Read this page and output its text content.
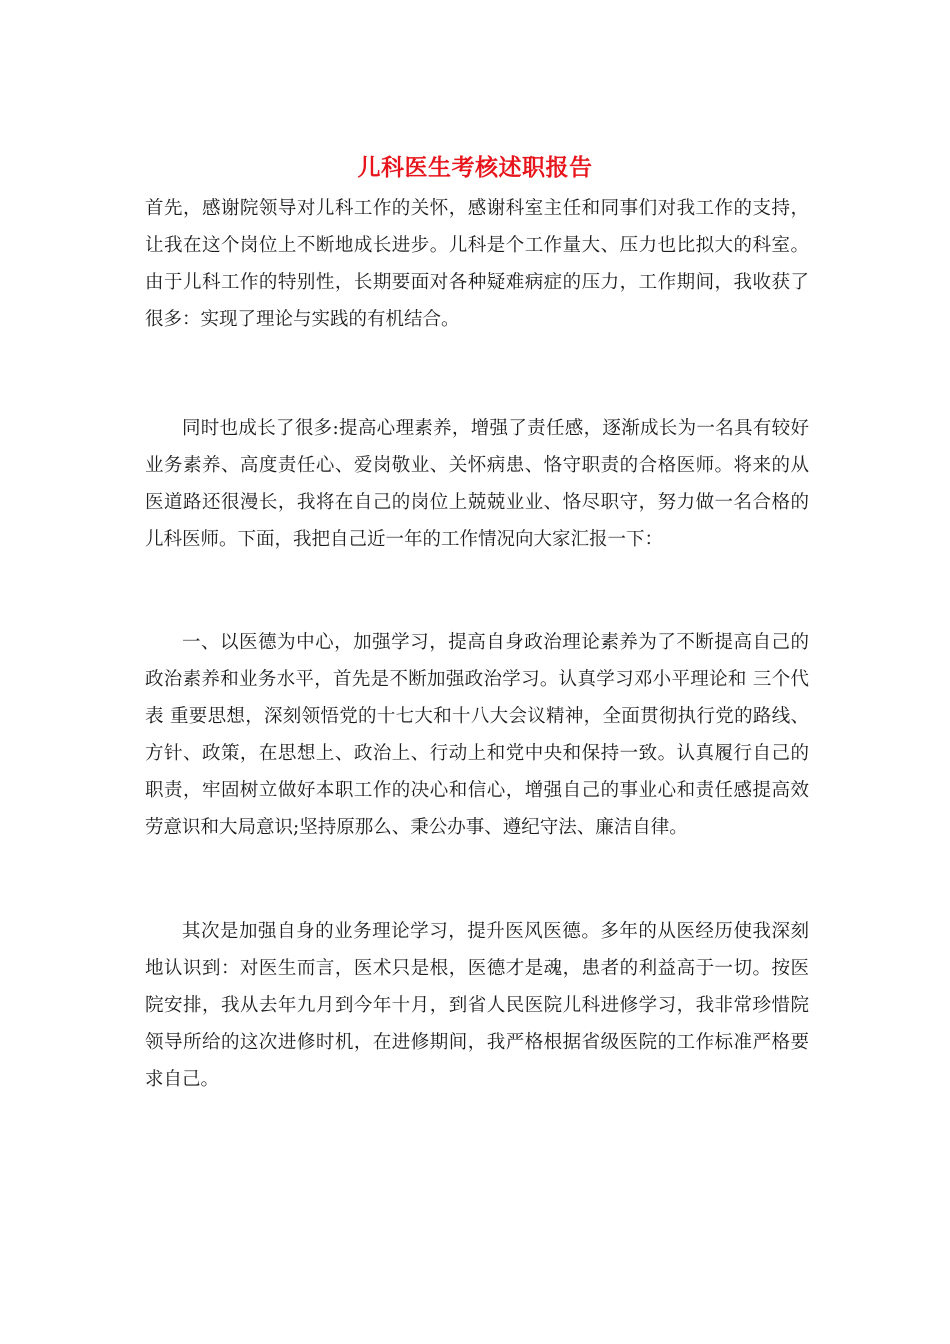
儿科医生考核述职报告

首先，感谢院领导对儿科工作的关怀，感谢科室主任和同事们对我工作的支持，让我在这个岗位上不断地成长进步。儿科是个工作量大、压力也比拟大的科室。由于儿科工作的特别性，长期要面对各种疑难病症的压力，工作期间，我收获了很多：实现了理论与实践的有机结合。

同时也成长了很多:提高心理素养，增强了责任感，逐渐成长为一名具有较好业务素养、高度责任心、爱岗敬业、关怀病患、恪守职责的合格医师。将来的从医道路还很漫长，我将在自己的岗位上兢兢业业、恪尽职守，努力做一名合格的儿科医师。下面，我把自己近一年的工作情况向大家汇报一下：

一、以医德为中心，加强学习，提高自身政治理论素养为了不断提高自己的政治素养和业务水平，首先是不断加强政治学习。认真学习邓小平理论和 三个代表 重要思想，深刻领悟党的十七大和十八大会议精神，全面贯彻执行党的路线、方针、政策，在思想上、政治上、行动上和党中央和保持一致。认真履行自己的职责，牢固树立做好本职工作的决心和信心，增强自己的事业心和责任感提高效劳意识和大局意识;坚持原那么、秉公办事、遵纪守法、廉洁自律。

其次是加强自身的业务理论学习，提升医风医德。多年的从医经历使我深刻地认识到：对医生而言，医术只是根，医德才是魂，患者的利益高于一切。按医院安排，我从去年九月到今年十月，到省人民医院儿科进修学习，我非常珍惜院领导所给的这次进修时机，在进修期间，我严格根据省级医院的工作标准严格要求自己。
